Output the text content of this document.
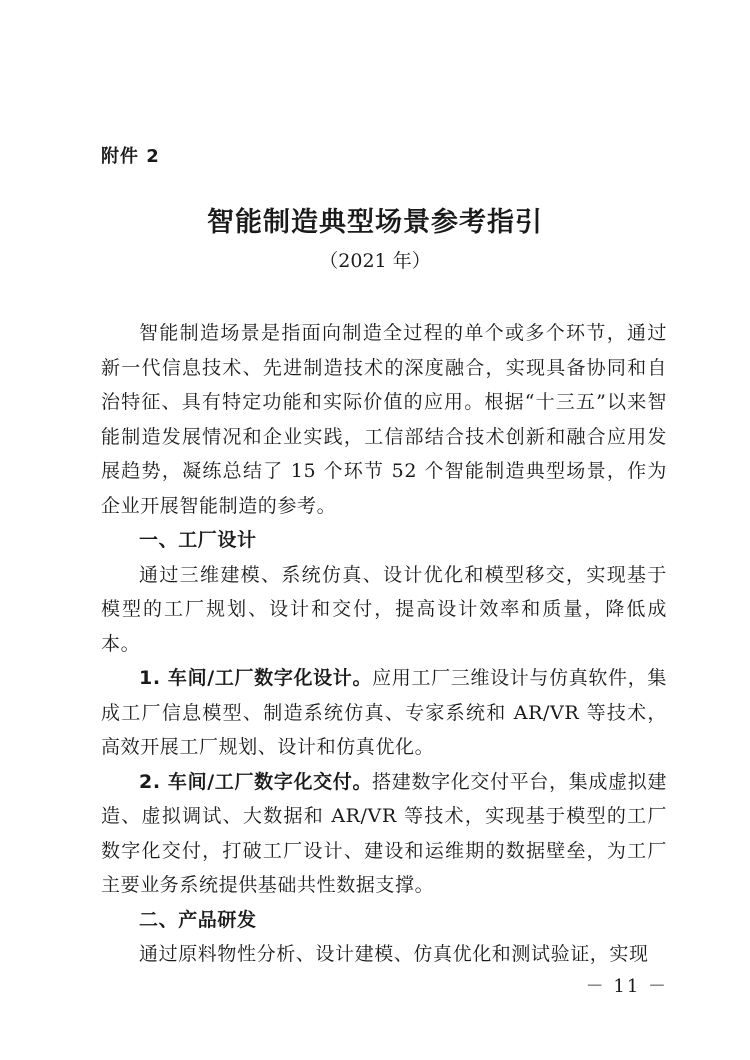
附件 2
智能制造典型场景参考指引
（2021 年）

智能制造场景是指面向制造全过程的单个或多个环节，通过新一代信息技术、先进制造技术的深度融合，实现具备协同和自治特征、具有特定功能和实际价值的应用。根据“十三五”以来智能制造发展情况和企业实践，工信部结合技术创新和融合应用发展趋势，凝练总结了 15 个环节 52 个智能制造典型场景，作为企业开展智能制造的参考。

一、工厂设计

通过三维建模、系统仿真、设计优化和模型移交，实现基于模型的工厂规划、设计和交付，提高设计效率和质量，降低成本。

1. 车间/工厂数字化设计。应用工厂三维设计与仿真软件，集成工厂信息模型、制造系统仿真、专家系统和 AR/VR 等技术，高效开展工厂规划、设计和仿真优化。

2. 车间/工厂数字化交付。搭建数字化交付平台，集成虚拟建造、虚拟调试、大数据和 AR/VR 等技术，实现基于模型的工厂数字化交付，打破工厂设计、建设和运维期的数据壁垒，为工厂主要业务系统提供基础共性数据支撑。

二、产品研发

通过原料物性分析、设计建模、仿真优化和测试验证，实现

－ 11 －
